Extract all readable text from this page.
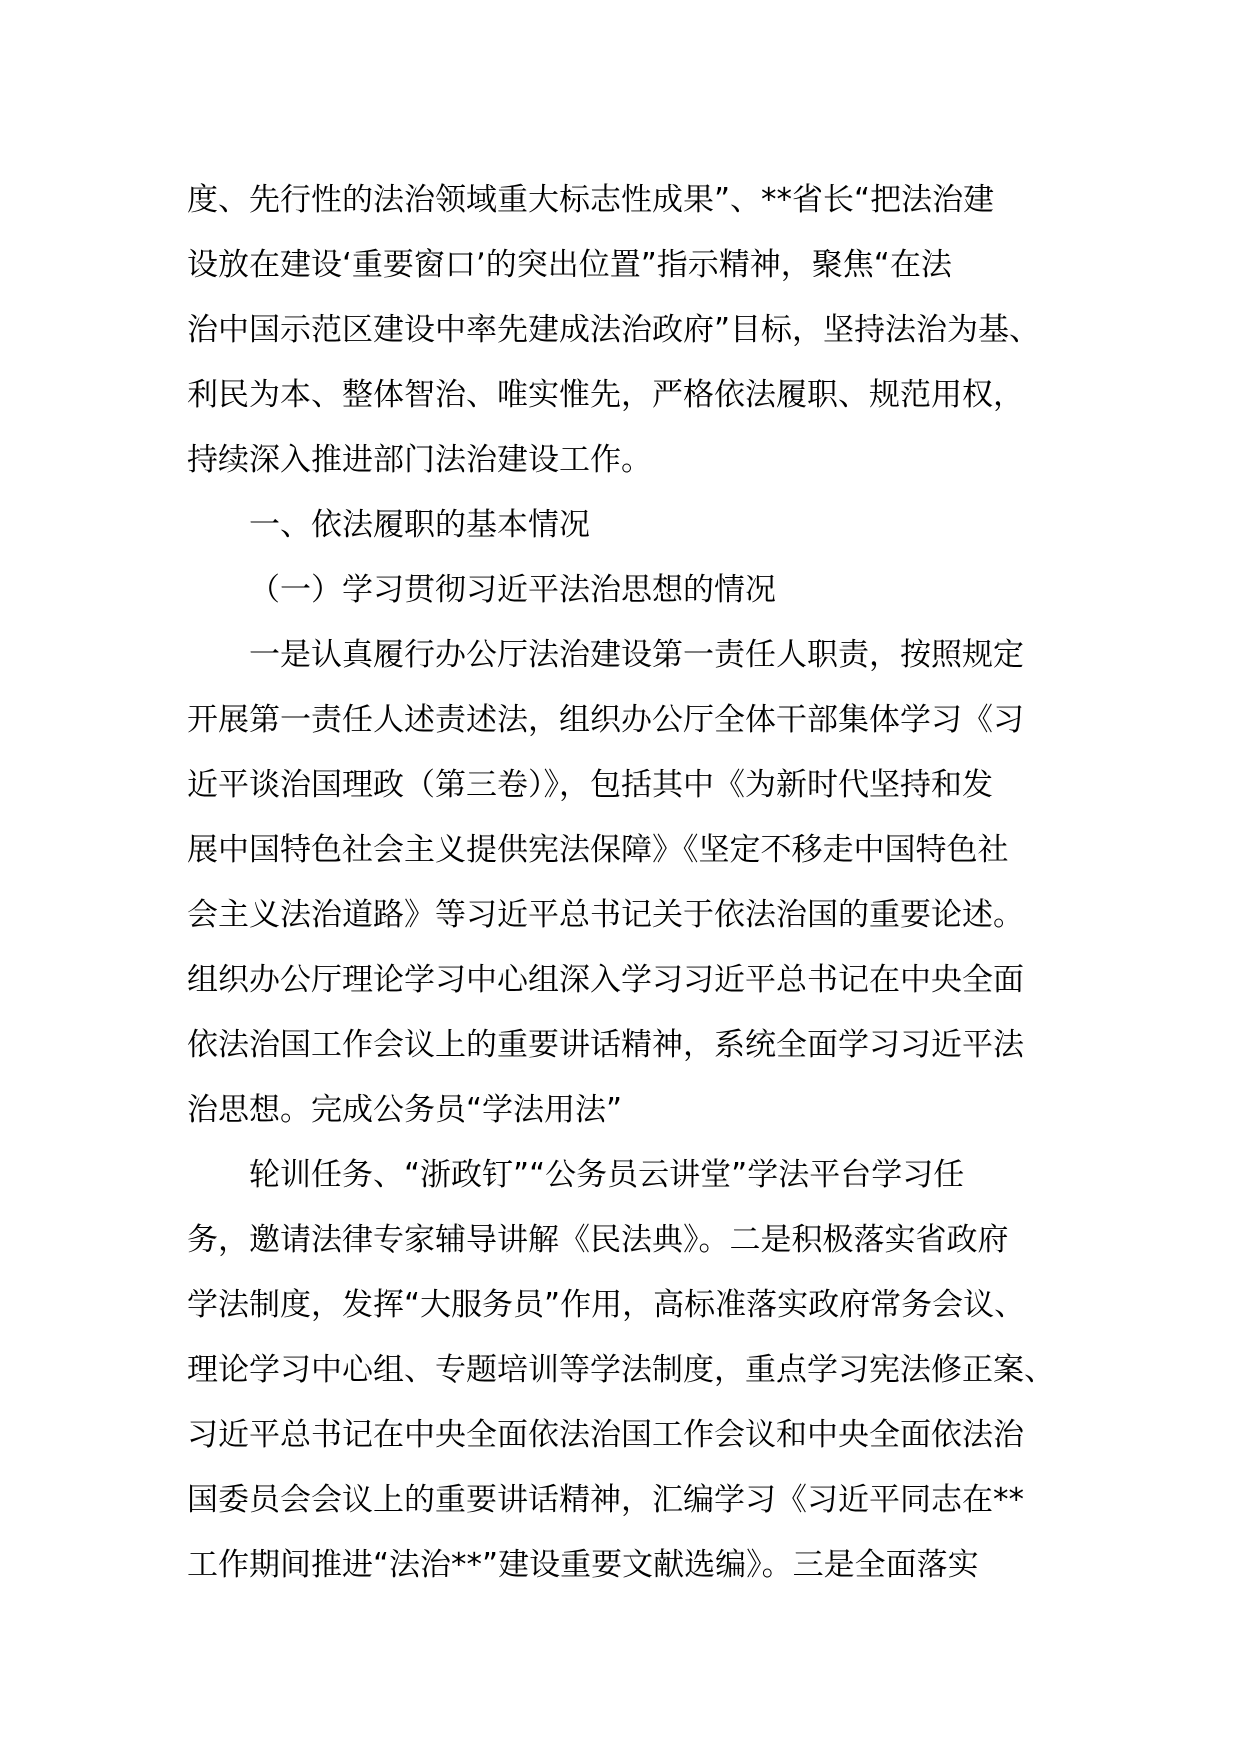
度、先行性的法治领域重大标志性成果”、**省长“把法治建
设放在建设‘重要窗口’的突出位置”指示精神，聚焦“在法
治中国示范区建设中率先建成法治政府”目标，坚持法治为基、
利民为本、整体智治、唯实惟先，严格依法履职、规范用权，
持续深入推进部门法治建设工作。
一、依法履职的基本情况
（一）学习贯彻习近平法治思想的情况
一是认真履行办公厅法治建设第一责任人职责，按照规定
开展第一责任人述责述法，组织办公厅全体干部集体学习《习
近平谈治国理政（第三卷）》，包括其中《为新时代坚持和发
展中国特色社会主义提供宪法保障》《坚定不移走中国特色社
会主义法治道路》等习近平总书记关于依法治国的重要论述。
组织办公厅理论学习中心组深入学习习近平总书记在中央全面
依法治国工作会议上的重要讲话精神，系统全面学习习近平法
治思想。完成公务员“学法用法”
轮训任务、“浙政钉”“公务员云讲堂”学法平台学习任
务，邀请法律专家辅导讲解《民法典》。二是积极落实省政府
学法制度，发挥“大服务员”作用，高标准落实政府常务会议、
理论学习中心组、专题培训等学法制度，重点学习宪法修正案、
习近平总书记在中央全面依法治国工作会议和中央全面依法治
国委员会会议上的重要讲话精神，汇编学习《习近平同志在**
工作期间推进“法治**”建设重要文献选编》。三是全面落实
